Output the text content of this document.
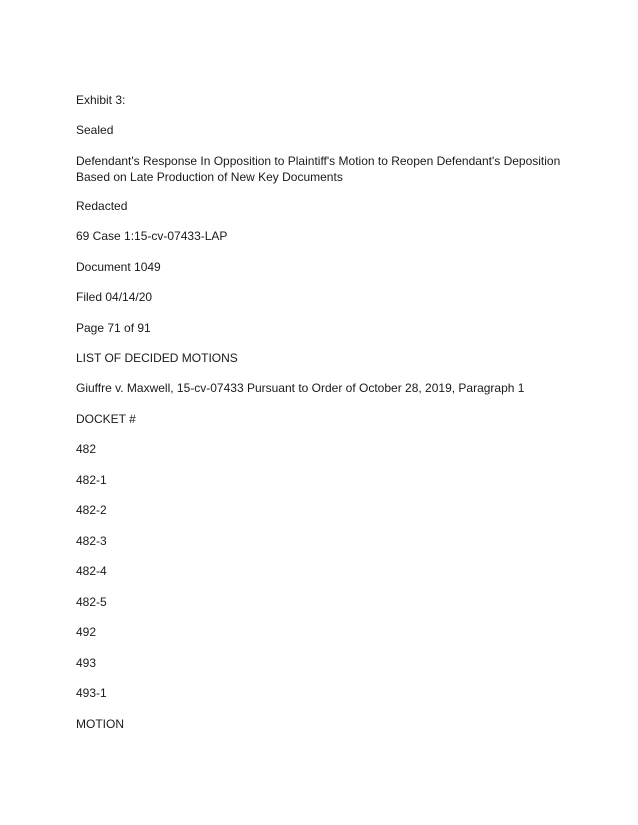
Exhibit 3:

Sealed

Defendant's Response In Opposition to Plaintiff's Motion to Reopen Defendant's Deposition
Based on Late Production of New Key Documents

Redacted

69 Case 1:15-cv-07433-LAP

Document 1049

Filed 04/14/20

Page 71 of 91

LIST OF DECIDED MOTIONS

Giuffre v. Maxwell, 15-cv-07433 Pursuant to Order of October 28, 2019, Paragraph 1

DOCKET #

482

482-1

482-2

482-3

482-4

482-5

492

493

493-1

MOTION
